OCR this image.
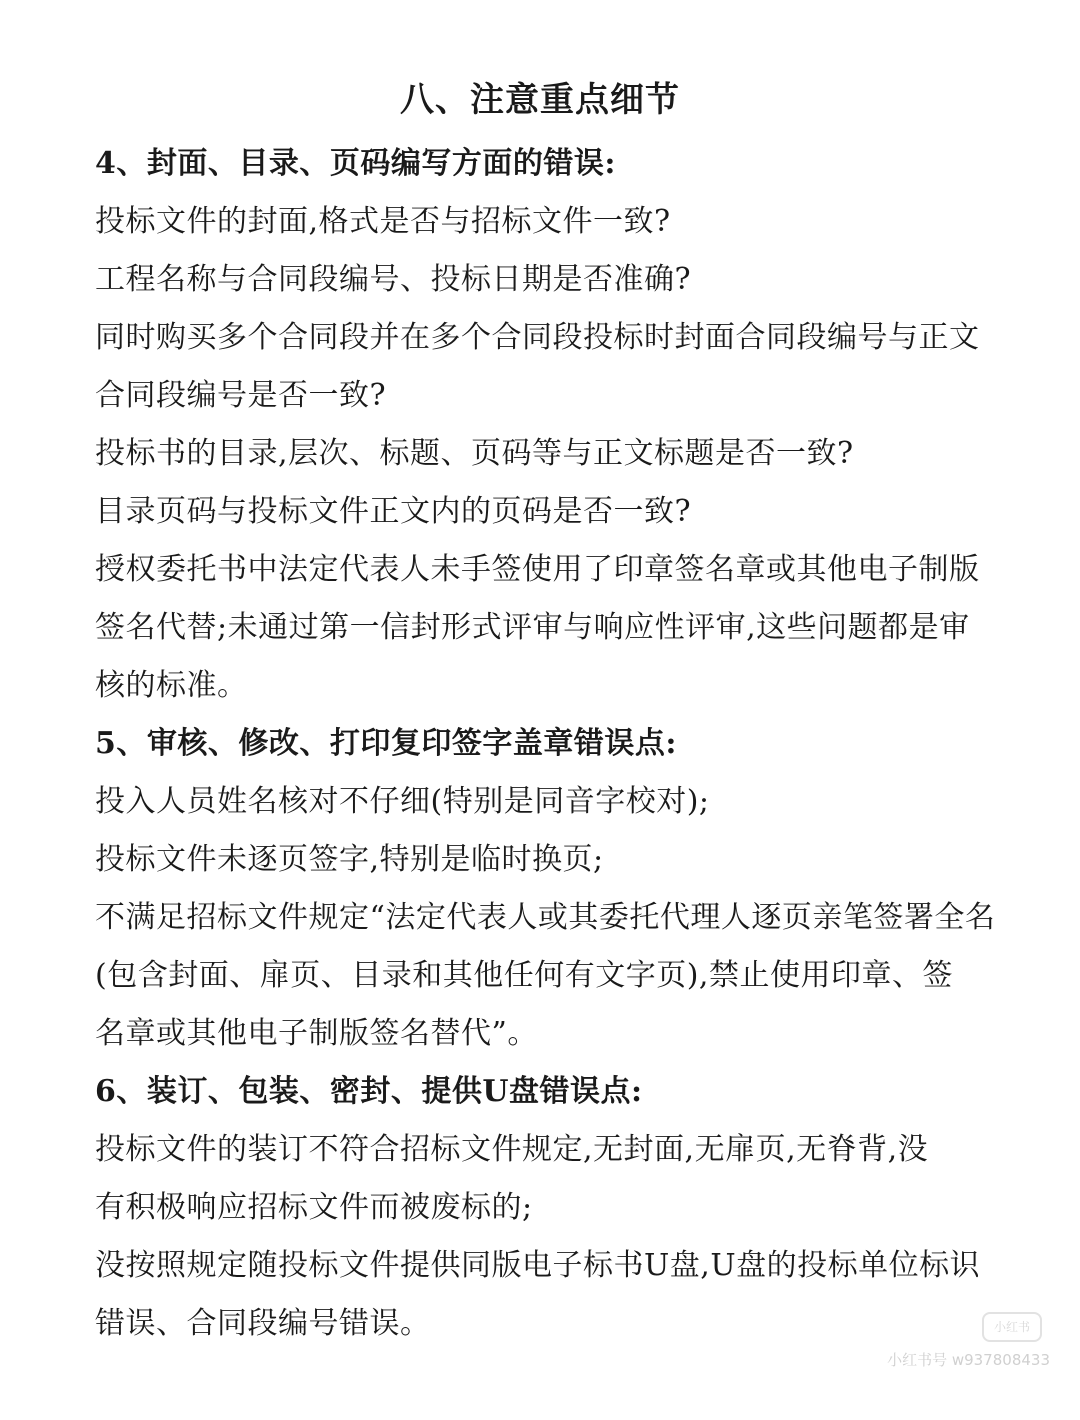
八、注意重点细节
4、封面、目录、页码编写方面的错误:
投标文件的封面,格式是否与招标文件一致?
工程名称与合同段编号、投标日期是否准确?
同时购买多个合同段并在多个合同段投标时封面合同段编号与正文
合同段编号是否一致?
投标书的目录,层次、标题、页码等与正文标题是否一致?
目录页码与投标文件正文内的页码是否一致?
授权委托书中法定代表人未手签使用了印章签名章或其他电子制版
签名代替;未通过第一信封形式评审与响应性评审,这些问题都是审
核的标准。
5、审核、修改、打印复印签字盖章错误点:
投入人员姓名核对不仔细(特别是同音字校对);
投标文件未逐页签字,特别是临时换页;
不满足招标文件规定“法定代表人或其委托代理人逐页亲笔签署全名
(包含封面、扉页、目录和其他任何有文字页),禁止使用印章、签
名章或其他电子制版签名替代”。
6、装订、包装、密封、提供U盘错误点:
投标文件的装订不符合招标文件规定,无封面,无扉页,无脊背,没
有积极响应招标文件而被废标的;
没按照规定随投标文件提供同版电子标书U盘,U盘的投标单位标识
错误、合同段编号错误。	小红书
小红书号 w937808433
